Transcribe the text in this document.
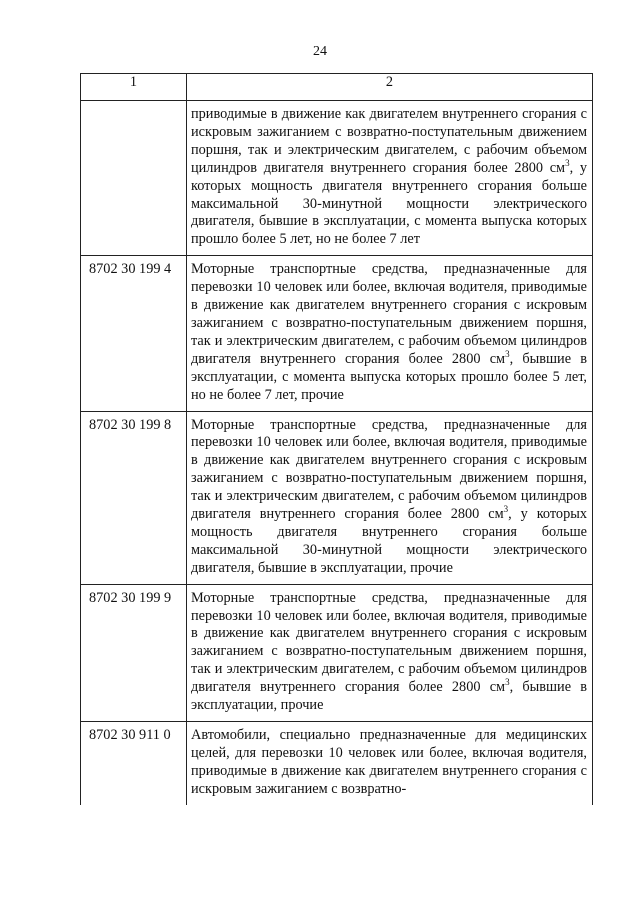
24
1	2
	приводимые в движение как двигателем внутреннего сгорания с искровым зажиганием с возвратно-поступательным движением поршня, так и электрическим двигателем, с рабочим объемом цилиндров двигателя внутреннего сгорания более 2800 $см^3$, у которых мощность двигателя внутреннего сгорания больше максимальной 30-минутной мощности электрического двигателя, бывшие в эксплуатации, с момента выпуска которых прошло более 5 лет, но не более 7 лет
8702 30 199 4	Моторные транспортные средства, предназначенные для перевозки 10 человек или более, включая водителя, приводимые в движение как двигателем внутреннего сгорания с искровым зажиганием с возвратно-поступательным движением поршня, так и электрическим двигателем, с рабочим объемом цилиндров двигателя внутреннего сгорания более 2800 $см^3$, бывшие в эксплуатации, с момента выпуска которых прошло более 5 лет, но не более 7 лет, прочие
8702 30 199 8	Моторные транспортные средства, предназначенные для перевозки 10 человек или более, включая водителя, приводимые в движение как двигателем внутреннего сгорания с искровым зажиганием с возвратно-поступательным движением поршня, так и электрическим двигателем, с рабочим объемом цилиндров двигателя внутреннего сгорания более 2800 $см^3$, у которых мощность двигателя внутреннего сгорания больше максимальной 30-минутной мощности электрического двигателя, бывшие в эксплуатации, прочие
8702 30 199 9	Моторные транспортные средства, предназначенные для перевозки 10 человек или более, включая водителя, приводимые в движение как двигателем внутреннего сгорания с искровым зажиганием с возвратно-поступательным движением поршня, так и электрическим двигателем, с рабочим объемом цилиндров двигателя внутреннего сгорания более 2800 $см^3$, бывшие в эксплуатации, прочие
8702 30 911 0	Автомобили, специально предназначенные для медицинских целей, для перевозки 10 человек или более, включая водителя, приводимые в движение как двигателем внутреннего сгорания с искровым зажиганием с возвратно-
